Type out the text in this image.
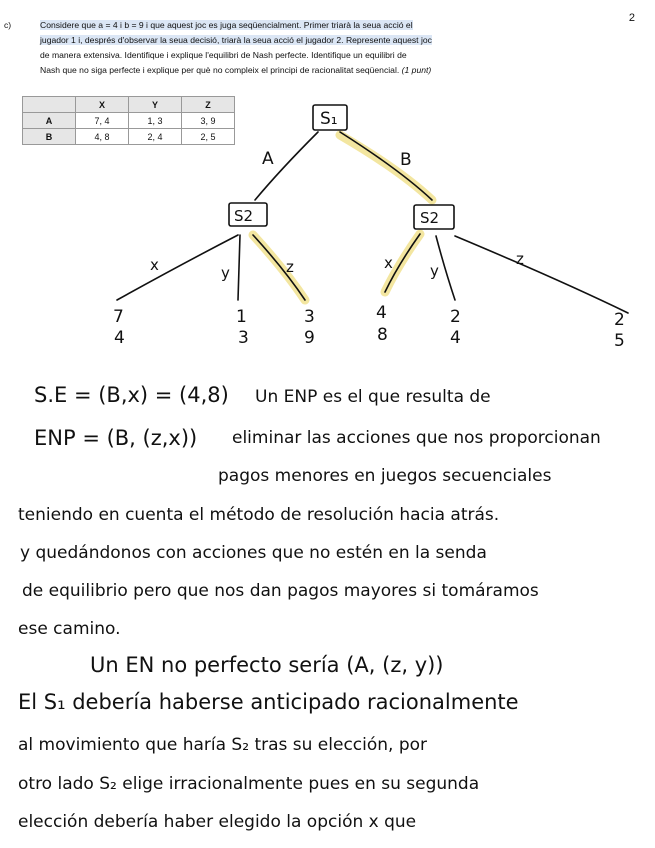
2

c)	Considere que a = 4 i b = 9 i que aquest joc es juga seqüencialment. Primer triarà la seua acció el
jugador 1 i, després d'observar la seua decisió, triarà la seua acció el jugador 2. Represente aquest joc
de manera extensiva. Identifique i explique l'equilibri de Nash perfecte. Identifique un equilibri de
Nash que no siga perfecte i explique per què no compleix el principi de racionalitat seqüencial. (1 punt)

	X	Y	Z
A	7, 4	1, 3	3, 9
B	4, 8	2, 4	2, 5
S₁
A	B
S2	S2
x	y	z	x y
z
7
4
1
3
3
9
4
8
2
4
2
5
S.E = (B,x) = (4,8)
ENP = (B, (z,x))
Un ENP es el que resulta de
eliminar las acciones que nos proporcionan
pagos menores en juegos secuenciales
teniendo en cuenta el método de resolución hacia atrás.
y quedándonos con acciones que no estén en la senda
de equilibrio pero que nos dan pagos mayores si tomáramos
ese camino.
Un EN no perfecto sería (A, (z, y))
El S₁ debería haberse anticipado racionalmente
al movimiento que haría S₂ tras su elección, por
otro lado S₂ elige irracionalmente pues en su segunda
elección debería haber elegido la opción x que
